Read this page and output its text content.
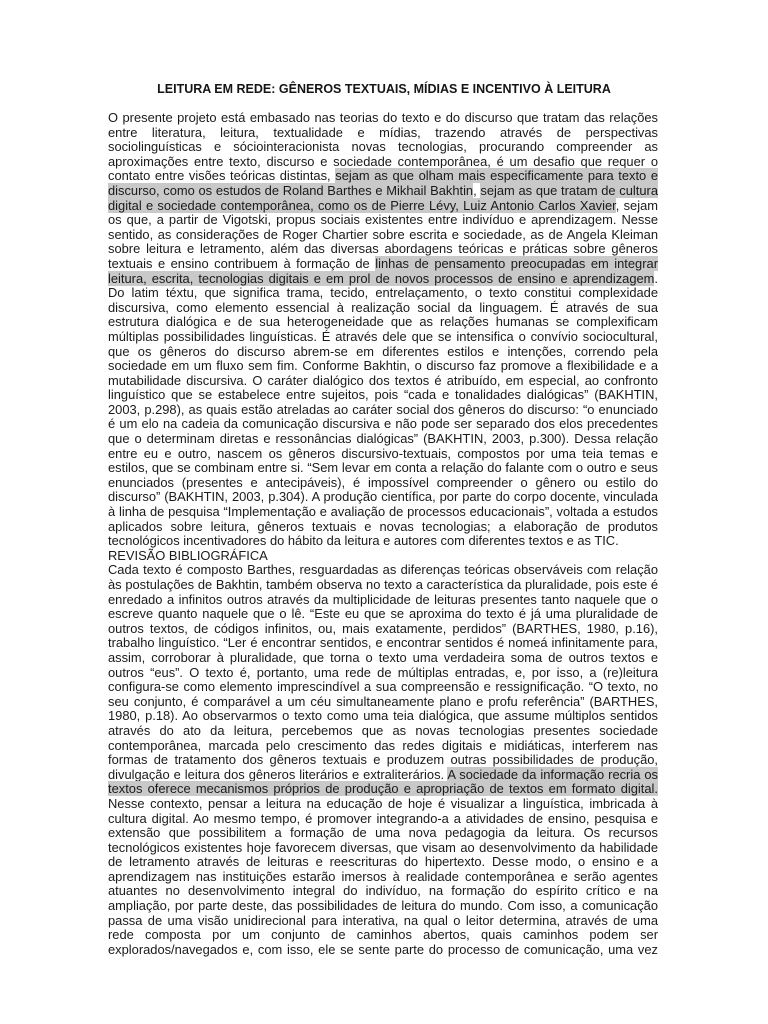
LEITURA EM REDE: GÊNEROS TEXTUAIS, MÍDIAS E INCENTIVO À LEITURA
O presente projeto está embasado nas teorias do texto e do discurso que tratam das relações
entre literatura, leitura, textualidade e mídias, trazendo através de perspectivas
sociolinguísticas e sóciointeracionista novas tecnologias, procurando compreender as
aproximações entre texto, discurso e sociedade contemporânea, é um desafio que requer o
contato entre visões teóricas distintas, sejam as que olham mais especificamente para texto e
discurso, como os estudos de Roland Barthes e Mikhail Bakhtin, sejam as que tratam de cultura
digital e sociedade contemporânea, como os de Pierre Lévy, Luiz Antonio Carlos Xavier, sejam
os que, a partir de Vigotski, propus sociais existentes entre indivíduo e aprendizagem. Nesse
sentido, as considerações de Roger Chartier sobre escrita e sociedade, as de Angela Kleiman
sobre leitura e letramento, além das diversas abordagens teóricas e práticas sobre gêneros
textuais e ensino contribuem à formação de linhas de pensamento preocupadas em integrar
leitura, escrita, tecnologias digitais e em prol de novos processos de ensino e aprendizagem.
Do latim téxtu, que significa trama, tecido, entrelaçamento, o texto constitui complexidade
discursiva, como elemento essencial à realização social da linguagem. É através de sua
estrutura dialógica e de sua heterogeneidade que as relações humanas se complexificam
múltiplas possibilidades linguísticas. É através dele que se intensifica o convívio sociocultural,
que os gêneros do discurso abrem-se em diferentes estilos e intenções, correndo pela
sociedade em um fluxo sem fim. Conforme Bakhtin, o discurso faz promove a flexibilidade e a
mutabilidade discursiva. O caráter dialógico dos textos é atribuído, em especial, ao confronto
linguístico que se estabelece entre sujeitos, pois “cada e tonalidades dialógicas” (BAKHTIN,
2003, p.298), as quais estão atreladas ao caráter social dos gêneros do discurso: “o enunciado
é um elo na cadeia da comunicação discursiva e não pode ser separado dos elos precedentes
que o determinam diretas e ressonâncias dialógicas” (BAKHTIN, 2003, p.300). Dessa relação
entre eu e outro, nascem os gêneros discursivo-textuais, compostos por uma teia temas e
estilos, que se combinam entre si. “Sem levar em conta a relação do falante com o outro e seus
enunciados (presentes e antecipáveis), é impossível compreender o gênero ou estilo do
discurso” (BAKHTIN, 2003, p.304). A produção científica, por parte do corpo docente, vinculada
à linha de pesquisa “Implementação e avaliação de processos educacionais”, voltada a estudos
aplicados sobre leitura, gêneros textuais e novas tecnologias; a elaboração de produtos
tecnológicos incentivadores do hábito da leitura e autores com diferentes textos e as TIC.
REVISÃO BIBLIOGRÁFICA
Cada texto é composto Barthes, resguardadas as diferenças teóricas observáveis com relação
às postulações de Bakhtin, também observa no texto a característica da pluralidade, pois este é
enredado a infinitos outros através da multiplicidade de leituras presentes tanto naquele que o
escreve quanto naquele que o lê. “Este eu que se aproxima do texto é já uma pluralidade de
outros textos, de códigos infinitos, ou, mais exatamente, perdidos” (BARTHES, 1980, p.16),
trabalho linguístico. “Ler é encontrar sentidos, e encontrar sentidos é nomeá infinitamente para,
assim, corroborar à pluralidade, que torna o texto uma verdadeira soma de outros textos e
outros “eus”. O texto é, portanto, uma rede de múltiplas entradas, e, por isso, a (re)leitura
configura-se como elemento imprescindível a sua compreensão e ressignificação. “O texto, no
seu conjunto, é comparável a um céu simultaneamente plano e profu referência” (BARTHES,
1980, p.18). Ao observarmos o texto como uma teia dialógica, que assume múltiplos sentidos
através do ato da leitura, percebemos que as novas tecnologias presentes sociedade
contemporânea, marcada pelo crescimento das redes digitais e midiáticas, interferem nas
formas de tratamento dos gêneros textuais e produzem outras possibilidades de produção,
divulgação e leitura dos gêneros literários e extraliterários. A sociedade da informação recria os
textos oferece mecanismos próprios de produção e apropriação de textos em formato digital.
Nesse contexto, pensar a leitura na educação de hoje é visualizar a linguística, imbricada à
cultura digital. Ao mesmo tempo, é promover integrando-a a atividades de ensino, pesquisa e
extensão que possibilitem a formação de uma nova pedagogia da leitura. Os recursos
tecnológicos existentes hoje favorecem diversas, que visam ao desenvolvimento da habilidade
de letramento através de leituras e reescrituras do hipertexto. Desse modo, o ensino e a
aprendizagem nas instituições estarão imersos à realidade contemporânea e serão agentes
atuantes no desenvolvimento integral do indivíduo, na formação do espírito crítico e na
ampliação, por parte deste, das possibilidades de leitura do mundo. Com isso, a comunicação
passa de uma visão unidirecional para interativa, na qual o leitor determina, através de uma
rede composta por um conjunto de caminhos abertos, quais caminhos podem ser
explorados/navegados e, com isso, ele se sente parte do processo de comunicação, uma vez
